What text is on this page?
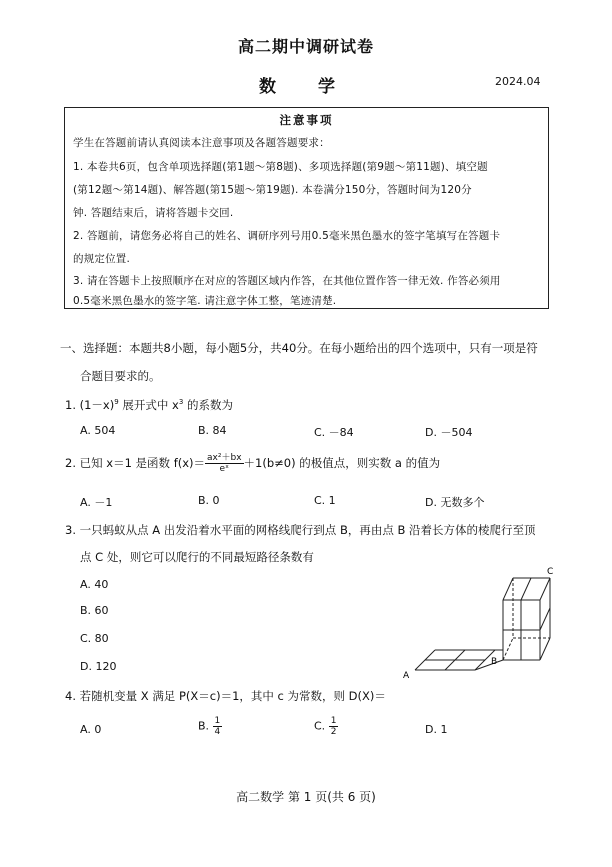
高二期中调研试卷
数 学	2024.04
注意事项
学生在答题前请认真阅读本注意事项及各题答题要求：
1. 本卷共6页，包含单项选择题(第1题～第8题)、多项选择题(第9题～第11题)、填空题
(第12题～第14题)、解答题(第15题～第19题). 本卷满分150分，答题时间为120分
钟. 答题结束后，请将答题卡交回.
2. 答题前，请您务必将自己的姓名、调研序列号用0.5毫米黑色墨水的签字笔填写在答题卡
的规定位置.
3. 请在答题卡上按照顺序在对应的答题区域内作答，在其他位置作答一律无效. 作答必须用
0.5毫米黑色墨水的签字笔. 请注意字体工整，笔迹清楚.
一、选择题：本题共8小题，每小题5分，共40分。在每小题给出的四个选项中，只有一项是符
合题目要求的。
1. $(1-x)^9$ 展开式中 $x^3$ 的系数为
A. 504	B. 84	C. －84	D. －504
2. 已知 x＝1 是函数 $f(x)= \frac{\text{ax²＋bx}}{\text{eˣ}} +1(b\ne 0)$ 的极值点，则实数 a 的值为
A. －1	B. 0	C. 1	D. 无数多个
3. 一只蚂蚁从点 A 出发沿着水平面的网格线爬行到点 B，再由点 B 沿着长方体的棱爬行至顶
点 C 处，则它可以爬行的不同最短路径条数有
A. 40
B. 60
C. 80
D. 120
A
B
C
4. 若随机变量 X 满足 P(X＝c)＝1，其中 c 为常数，则 D(X)＝
A. 0	B. $\frac{1}{4}$	C. $\frac{1}{2}$	D. 1
高二数学 第 1 页(共 6 页)
